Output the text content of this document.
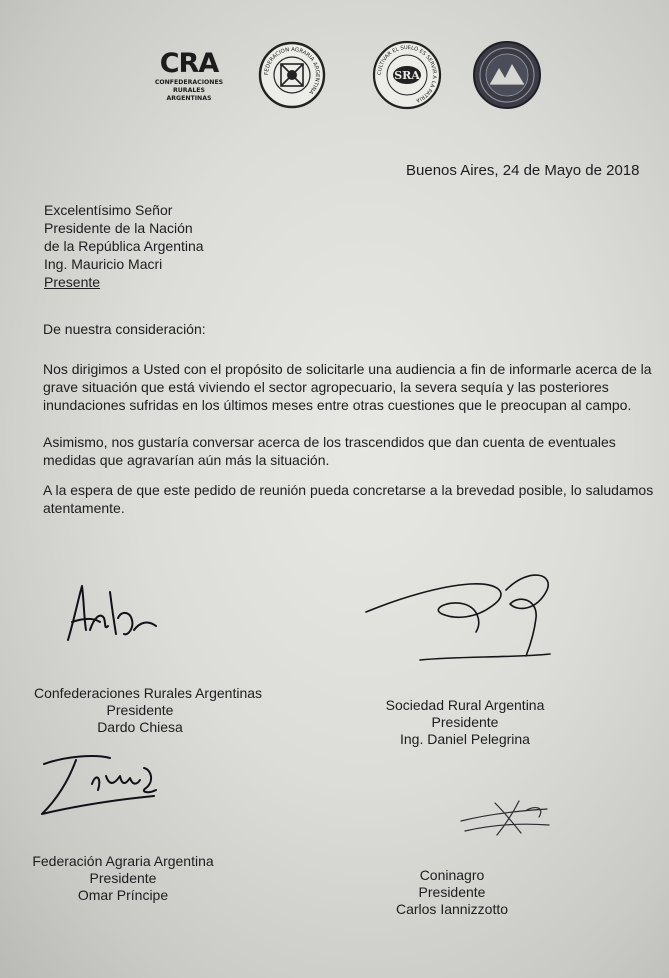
CRA
CONFEDERACIONES
RURALES
ARGENTINAS
FEDERACION AGRARIA ARGENTINA
CULTIVAR EL SUELO ES SERVIR A LA PATRIA
SRA
Buenos Aires, 24 de Mayo de 2018
Excelentísimo Señor
Presidente de la Nación
de la República Argentina
Ing. Mauricio Macri
Presente
De nuestra consideración:
Nos dirigimos a Usted con el propósito de solicitarle una audiencia a fin de informarle acerca de la
grave situación que está viviendo el sector agropecuario, la severa sequía y las posteriores
inundaciones sufridas en los últimos meses entre otras cuestiones que le preocupan al campo.
Asimismo, nos gustaría conversar acerca de los trascendidos que dan cuenta de eventuales
medidas que agravarían aún más la situación.
A la espera de que este pedido de reunión pueda concretarse a la brevedad posible, lo saludamos
atentamente.
Confederaciones Rurales Argentinas
Presidente
Dardo Chiesa
Sociedad Rural Argentina
Presidente
Ing. Daniel Pelegrina
Federación Agraria Argentina
Presidente
Omar Príncipe
Coninagro
Presidente
Carlos Iannizzotto
